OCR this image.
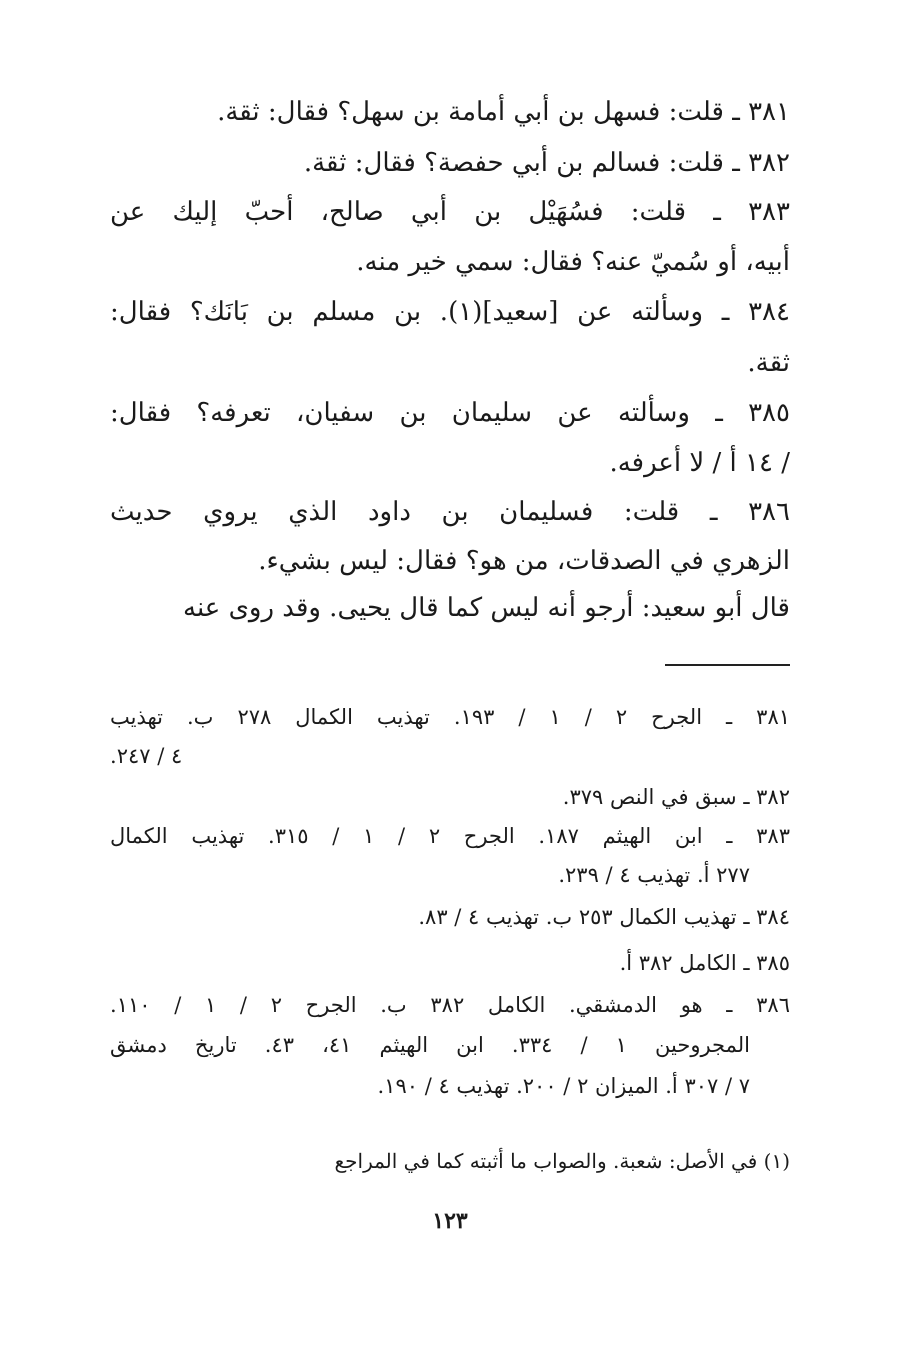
٣٨١ ـ قلت: فسهل بن أبي أمامة بن سهل؟ فقال: ثقة.
٣٨٢ ـ قلت: فسالم بن أبي حفصة؟ فقال: ثقة.
٣٨٣ ـ قلت: فسُهَيْل بن أبي صالح، أحبّ إليك عن
أبيه، أو سُميّ عنه؟ فقال: سمي خير منه.
٣٨٤ ـ وسألته عن [سعيد](١). بن مسلم بن بَانَك؟ فقال:
ثقة.
٣٨٥ ـ وسألته عن سليمان بن سفيان، تعرفه؟ فقال:
/ ١٤ أ / لا أعرفه.
٣٨٦ ـ قلت: فسليمان بن داود الذي يروي حديث
الزهري في الصدقات، من هو؟ فقال: ليس بشيء.
قال أبو سعيد: أرجو أنه ليس كما قال يحيى. وقد روى عنه
٣٨١ ـ الجرح ٢ / ١ / ١٩٣. تهذيب الكمال ٢٧٨ ب. تهذيب
٤ / ٢٤٧.
٣٨٢ ـ سبق في النص ٣٧٩.
٣٨٣ ـ ابن الهيثم ١٨٧. الجرح ٢ / ١ / ٣١٥. تهذيب الكمال
٢٧٧ أ. تهذيب ٤ / ٢٣٩.
٣٨٤ ـ تهذيب الكمال ٢٥٣ ب. تهذيب ٤ / ٨٣.
٣٨٥ ـ الكامل ٣٨٢ أ.
٣٨٦ ـ هو الدمشقي. الكامل ٣٨٢ ب. الجرح ٢ / ١ / ١١٠.
المجروحين ١ / ٣٣٤. ابن الهيثم ٤١، ٤٣. تاريخ دمشق
٧ / ٣٠٧ أ. الميزان ٢ / ٢٠٠. تهذيب ٤ / ١٩٠.
(١) في الأصل: شعبة. والصواب ما أثبته كما في المراجع
١٢٣
